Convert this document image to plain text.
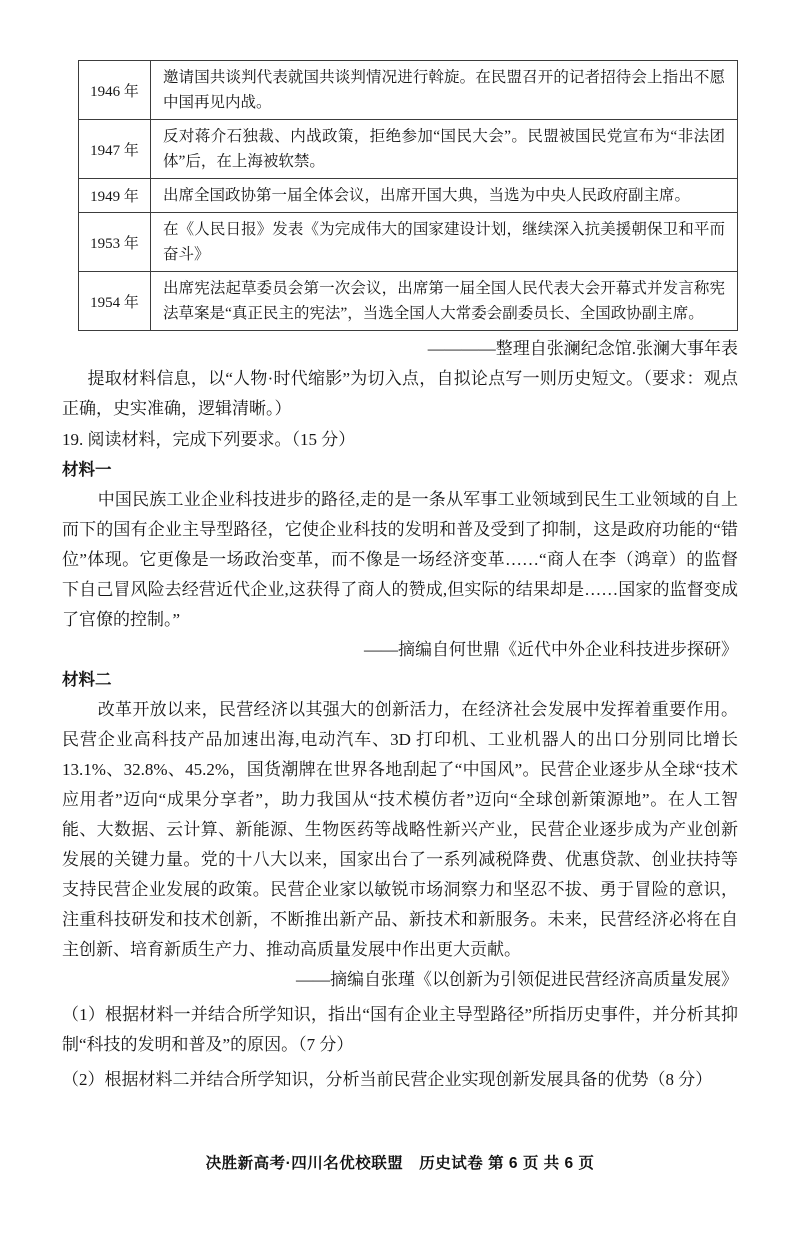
1946 年	邀请国共谈判代表就国共谈判情况进行斡旋。在民盟召开的记者招待会上指出不愿中国再见内战。
1947 年	反对蒋介石独裁、内战政策，拒绝参加“国民大会”。民盟被国民党宣布为“非法团体”后，在上海被软禁。
1949 年	出席全国政协第一届全体会议，出席开国大典，当选为中央人民政府副主席。
1953 年	在《人民日报》发表《为完成伟大的国家建设计划，继续深入抗美援朝保卫和平而奋斗》
1954 年	出席宪法起草委员会第一次会议，出席第一届全国人民代表大会开幕式并发言称宪法草案是“真正民主的宪法”，当选全国人大常委会副委员长、全国政协副主席。
————整理自张澜纪念馆.张澜大事年表

提取材料信息，以“人物·时代缩影”为切入点，自拟论点写一则历史短文。（要求：观点正确，史实准确，逻辑清晰。）

19. 阅读材料，完成下列要求。（15 分）

材料一

中国民族工业企业科技进步的路径,走的是一条从军事工业领域到民生工业领域的自上而下的国有企业主导型路径，它使企业科技的发明和普及受到了抑制，这是政府功能的“错位”体现。它更像是一场政治变革，而不像是一场经济变革……“商人在李（鸿章）的监督下自己冒风险去经营近代企业,这获得了商人的赞成,但实际的结果却是……国家的监督变成了官僚的控制。”

——摘编自何世鼎《近代中外企业科技进步探研》
材料二

改革开放以来，民营经济以其强大的创新活力，在经济社会发展中发挥着重要作用。民营企业高科技产品加速出海,电动汽车、3D 打印机、工业机器人的出口分别同比增长 13.1%、32.8%、45.2%，国货潮牌在世界各地刮起了“中国风”。民营企业逐步从全球“技术应用者”迈向“成果分享者”，助力我国从“技术模仿者”迈向“全球创新策源地”。在人工智能、大数据、云计算、新能源、生物医药等战略性新兴产业，民营企业逐步成为产业创新发展的关键力量。党的十八大以来，国家出台了一系列减税降费、优惠贷款、创业扶持等支持民营企业发展的政策。民营企业家以敏锐市场洞察力和坚忍不拔、勇于冒险的意识，注重科技研发和技术创新，不断推出新产品、新技术和新服务。未来，民营经济必将在自主创新、培育新质生产力、推动高质量发展中作出更大贡献。

——摘编自张瑾《以创新为引领促进民营经济高质量发展》

（1）根据材料一并结合所学知识，指出“国有企业主导型路径”所指历史事件，并分析其抑制“科技的发明和普及”的原因。（7 分）

（2）根据材料二并结合所学知识，分析当前民营企业实现创新发展具备的优势（8 分）

决胜新高考·四川名优校联盟　历史试卷 第 6 页 共 6 页
